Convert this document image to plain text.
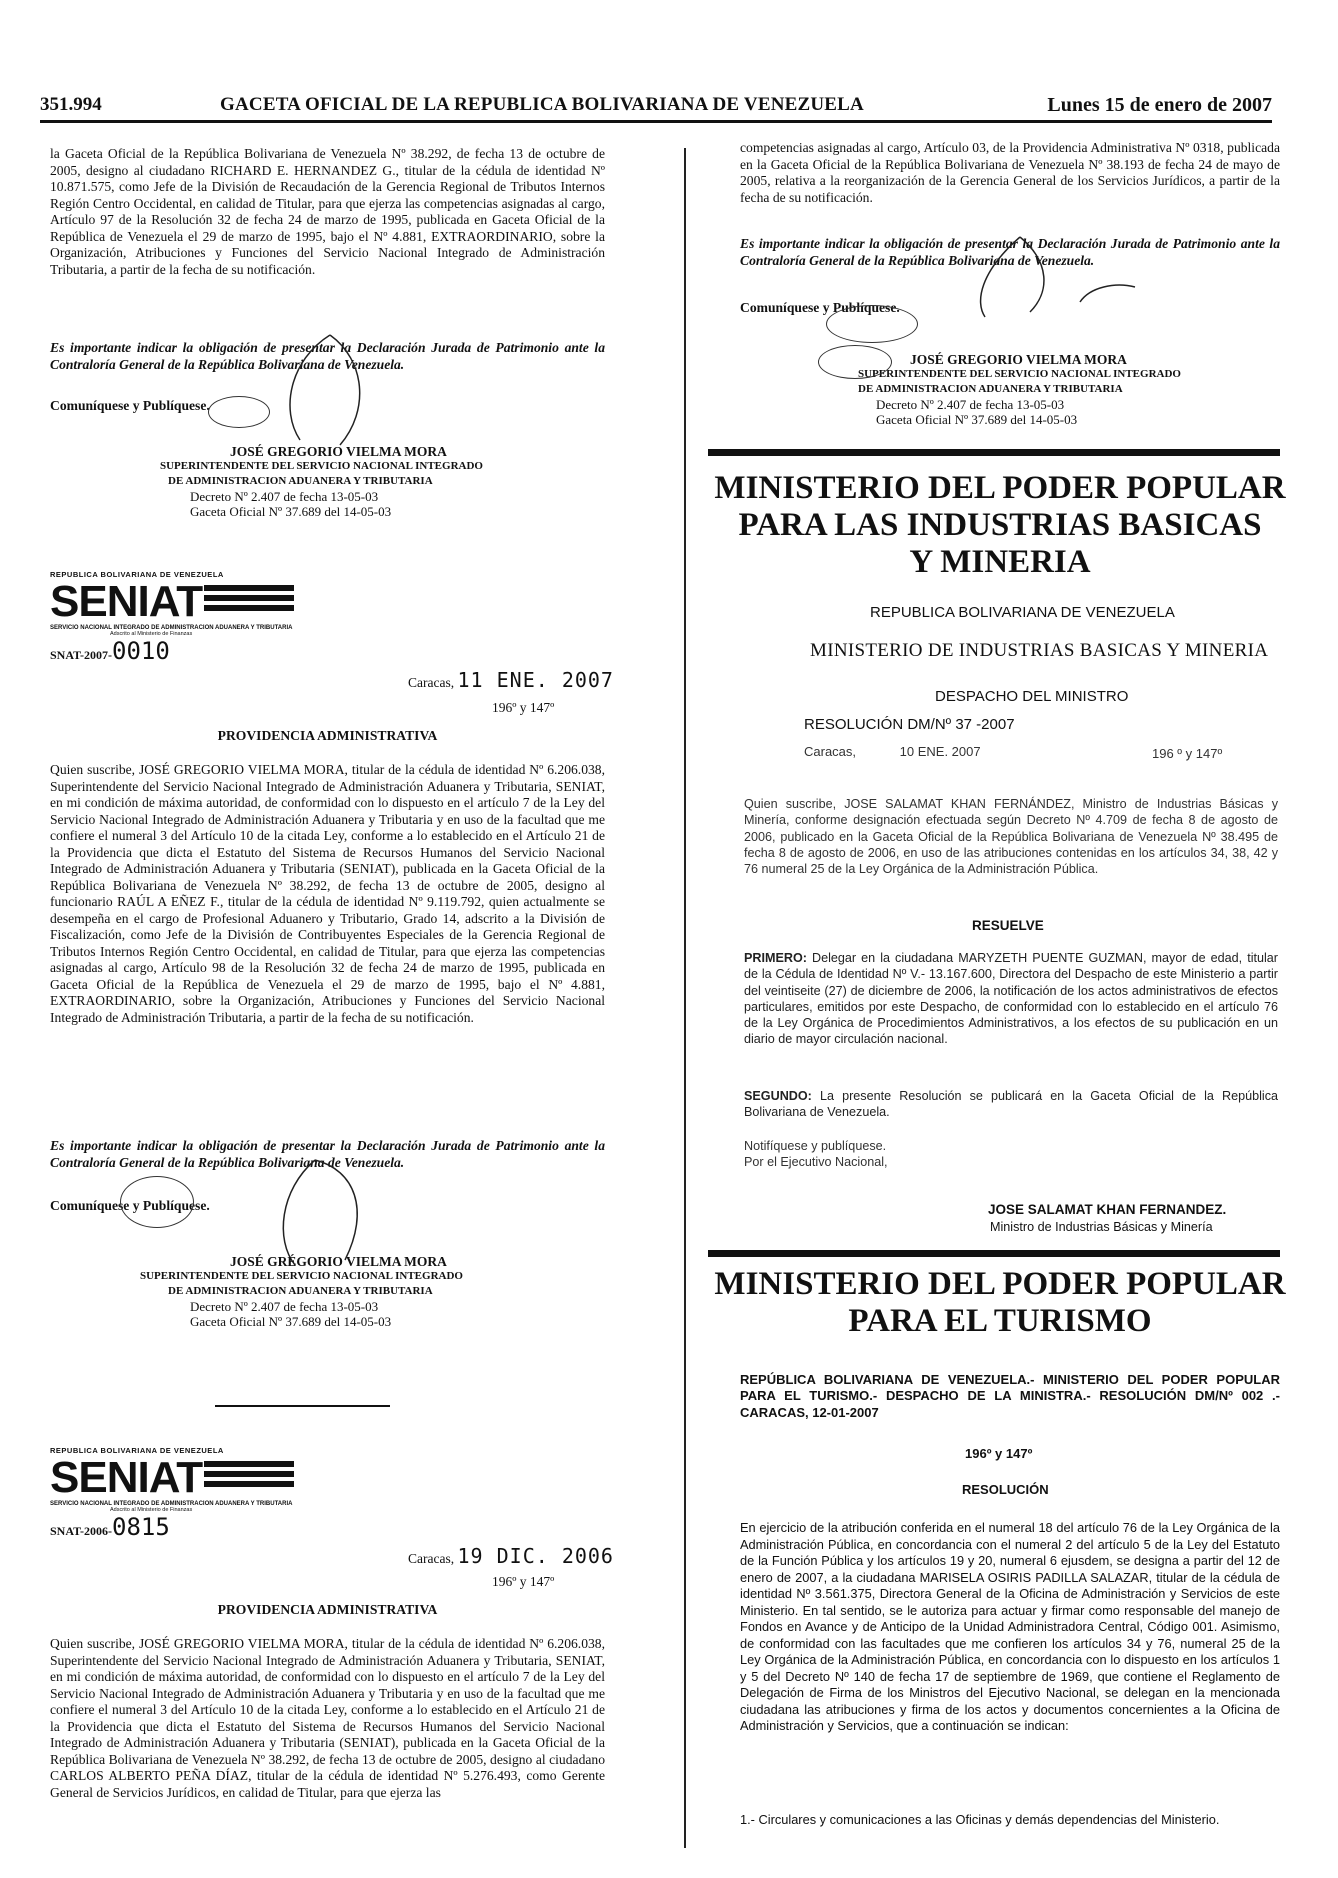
351.994	GACETA OFICIAL DE LA REPUBLICA BOLIVARIANA DE VENEZUELA	Lunes 15 de enero de 2007

la Gaceta Oficial de la República Bolivariana de Venezuela Nº 38.292, de fecha 13 de octubre de 2005, designo al ciudadano RICHARD E. HERNANDEZ G., titular de la cédula de identidad Nº 10.871.575, como Jefe de la División de Recaudación de la Gerencia Regional de Tributos Internos Región Centro Occidental, en calidad de Titular, para que ejerza las competencias asignadas al cargo, Artículo 97 de la Resolución 32 de fecha 24 de marzo de 1995, publicada en Gaceta Oficial de la República de Venezuela el 29 de marzo de 1995, bajo el Nº 4.881, EXTRAORDINARIO, sobre la Organización, Atribuciones y Funciones del Servicio Nacional Integrado de Administración Tributaria, a partir de la fecha de su notificación.

Es importante indicar la obligación de presentar la Declaración Jurada de Patrimonio ante la Contraloría General de la República Bolivariana de Venezuela.
Comuníquese y Publíquese.
JOSÉ GREGORIO VIELMA MORA
SUPERINTENDENTE DEL SERVICIO NACIONAL INTEGRADO
DE ADMINISTRACION ADUANERA Y TRIBUTARIA
Decreto Nº 2.407 de fecha 13-05-03
Gaceta Oficial Nº 37.689 del 14-05-03
REPUBLICA BOLIVARIANA DE VENEZUELA
SENIAT
SERVICIO NACIONAL INTEGRADO DE ADMINISTRACION ADUANERA Y TRIBUTARIA
Adscrito al Ministerio de Finanzas
SNAT-2007-0010
Caracas, 11 ENE. 2007
196º y 147º
PROVIDENCIA ADMINISTRATIVA
Quien suscribe, JOSÉ GREGORIO VIELMA MORA, titular de la cédula de identidad Nº 6.206.038, Superintendente del Servicio Nacional Integrado de Administración Aduanera y Tributaria, SENIAT, en mi condición de máxima autoridad, de conformidad con lo dispuesto en el artículo 7 de la Ley del Servicio Nacional Integrado de Administración Aduanera y Tributaria y en uso de la facultad que me confiere el numeral 3 del Artículo 10 de la citada Ley, conforme a lo establecido en el Artículo 21 de la Providencia que dicta el Estatuto del Sistema de Recursos Humanos del Servicio Nacional Integrado de Administración Aduanera y Tributaria (SENIAT), publicada en la Gaceta Oficial de la República Bolivariana de Venezuela Nº 38.292, de fecha 13 de octubre de 2005, designo al funcionario RAÚL A EÑEZ F., titular de la cédula de identidad Nº 9.119.792, quien actualmente se desempeña en el cargo de Profesional Aduanero y Tributario, Grado 14, adscrito a la División de Fiscalización, como Jefe de la División de Contribuyentes Especiales de la Gerencia Regional de Tributos Internos Región Centro Occidental, en calidad de Titular, para que ejerza las competencias asignadas al cargo, Artículo 98 de la Resolución 32 de fecha 24 de marzo de 1995, publicada en Gaceta Oficial de la República de Venezuela el 29 de marzo de 1995, bajo el Nº 4.881, EXTRAORDINARIO, sobre la Organización, Atribuciones y Funciones del Servicio Nacional Integrado de Administración Tributaria, a partir de la fecha de su notificación.
Es importante indicar la obligación de presentar la Declaración Jurada de Patrimonio ante la Contraloría General de la República Bolivariana de Venezuela.
Comuníquese y Publíquese.
JOSÉ GRÉGORIO VIELMA MORA
SUPERINTENDENTE DEL SERVICIO NACIONAL INTEGRADO
DE ADMINISTRACION ADUANERA Y TRIBUTARIA
Decreto Nº 2.407 de fecha 13-05-03
Gaceta Oficial Nº 37.689 del 14-05-03
REPUBLICA BOLIVARIANA DE VENEZUELA
SENIAT
SERVICIO NACIONAL INTEGRADO DE ADMINISTRACION ADUANERA Y TRIBUTARIA
Adscrito al Ministerio de Finanzas
SNAT-2006-0815
Caracas, 19 DIC. 2006
196º y 147º
PROVIDENCIA ADMINISTRATIVA
Quien suscribe, JOSÉ GREGORIO VIELMA MORA, titular de la cédula de identidad Nº 6.206.038, Superintendente del Servicio Nacional Integrado de Administración Aduanera y Tributaria, SENIAT, en mi condición de máxima autoridad, de conformidad con lo dispuesto en el artículo 7 de la Ley del Servicio Nacional Integrado de Administración Aduanera y Tributaria y en uso de la facultad que me confiere el numeral 3 del Artículo 10 de la citada Ley, conforme a lo establecido en el Artículo 21 de la Providencia que dicta el Estatuto del Sistema de Recursos Humanos del Servicio Nacional Integrado de Administración Aduanera y Tributaria (SENIAT), publicada en la Gaceta Oficial de la República Bolivariana de Venezuela Nº 38.292, de fecha 13 de octubre de 2005, designo al ciudadano CARLOS ALBERTO PEÑA DÍAZ, titular de la cédula de identidad Nº 5.276.493, como Gerente General de Servicios Jurídicos, en calidad de Titular, para que ejerza las
competencias asignadas al cargo, Artículo 03, de la Providencia Administrativa Nº 0318, publicada en la Gaceta Oficial de la República Bolivariana de Venezuela Nº 38.193 de fecha 24 de mayo de 2005, relativa a la reorganización de la Gerencia General de los Servicios Jurídicos, a partir de la fecha de su notificación.
Es importante indicar la obligación de presentar la Declaración Jurada de Patrimonio ante la Contraloría General de la República Bolivariana de Venezuela.
Comuníquese y Publíquese.
JOSÉ GREGORIO VIELMA MORA
SUPERINTENDENTE DEL SERVICIO NACIONAL INTEGRADO
DE ADMINISTRACION ADUANERA Y TRIBUTARIA
Decreto Nº 2.407 de fecha 13-05-03
Gaceta Oficial Nº 37.689 del 14-05-03
MINISTERIO DEL PODER POPULAR
PARA LAS INDUSTRIAS BASICAS
Y MINERIA
REPUBLICA BOLIVARIANA DE VENEZUELA
MINISTERIO DE INDUSTRIAS BASICAS Y MINERIA
DESPACHO DEL MINISTRO
RESOLUCIÓN DM/Nº 37 -2007
Caracas,	10 ENE. 2007	196 º y 147º
Quien suscribe, JOSE SALAMAT KHAN FERNÁNDEZ, Ministro de Industrias Básicas y Minería, conforme designación efectuada según Decreto Nº 4.709 de fecha 8 de agosto de 2006, publicado en la Gaceta Oficial de la República Bolivariana de Venezuela Nº 38.495 de fecha 8 de agosto de 2006, en uso de las atribuciones contenidas en los artículos 34, 38, 42 y 76 numeral 25 de la Ley Orgánica de la Administración Pública.
RESUELVE
PRIMERO: Delegar en la ciudadana MARYZETH PUENTE GUZMAN, mayor de edad, titular de la Cédula de Identidad Nº V.- 13.167.600, Directora del Despacho de este Ministerio a partir del veintiseite (27) de diciembre de 2006, la notificación de los actos administrativos de efectos particulares, emitidos por este Despacho, de conformidad con lo establecido en el artículo 76 de la Ley Orgánica de Procedimientos Administrativos, a los efectos de su publicación en un diario de mayor circulación nacional.
SEGUNDO: La presente Resolución se publicará en la Gaceta Oficial de la República Bolivariana de Venezuela.
Notifíquese y publíquese.
Por el Ejecutivo Nacional,
JOSE SALAMAT KHAN FERNANDEZ.
Ministro de Industrias Básicas y Minería
MINISTERIO DEL PODER POPULAR
PARA EL TURISMO
REPÚBLICA BOLIVARIANA DE VENEZUELA.- MINISTERIO DEL PODER POPULAR PARA EL TURISMO.- DESPACHO DE LA MINISTRA.- RESOLUCIÓN DM/Nº 002 .- CARACAS, 12-01-2007
196º y 147º
RESOLUCIÓN
En ejercicio de la atribución conferida en el numeral 18 del artículo 76 de la Ley Orgánica de la Administración Pública, en concordancia con el numeral 2 del artículo 5 de la Ley del Estatuto de la Función Pública y los artículos 19 y 20, numeral 6 ejusdem, se designa a partir del 12 de enero de 2007, a la ciudadana MARISELA OSIRIS PADILLA SALAZAR, titular de la cédula de identidad Nº 3.561.375, Directora General de la Oficina de Administración y Servicios de este Ministerio. En tal sentido, se le autoriza para actuar y firmar como responsable del manejo de Fondos en Avance y de Anticipo de la Unidad Administradora Central, Código 001. Asimismo, de conformidad con las facultades que me confieren los artículos 34 y 76, numeral 25 de la Ley Orgánica de la Administración Pública, en concordancia con lo dispuesto en los artículos 1 y 5 del Decreto Nº 140 de fecha 17 de septiembre de 1969, que contiene el Reglamento de Delegación de Firma de los Ministros del Ejecutivo Nacional, se delegan en la mencionada ciudadana las atribuciones y firma de los actos y documentos concernientes a la Oficina de Administración y Servicios, que a continuación se indican:
1.- Circulares y comunicaciones a las Oficinas y demás dependencias del Ministerio.
